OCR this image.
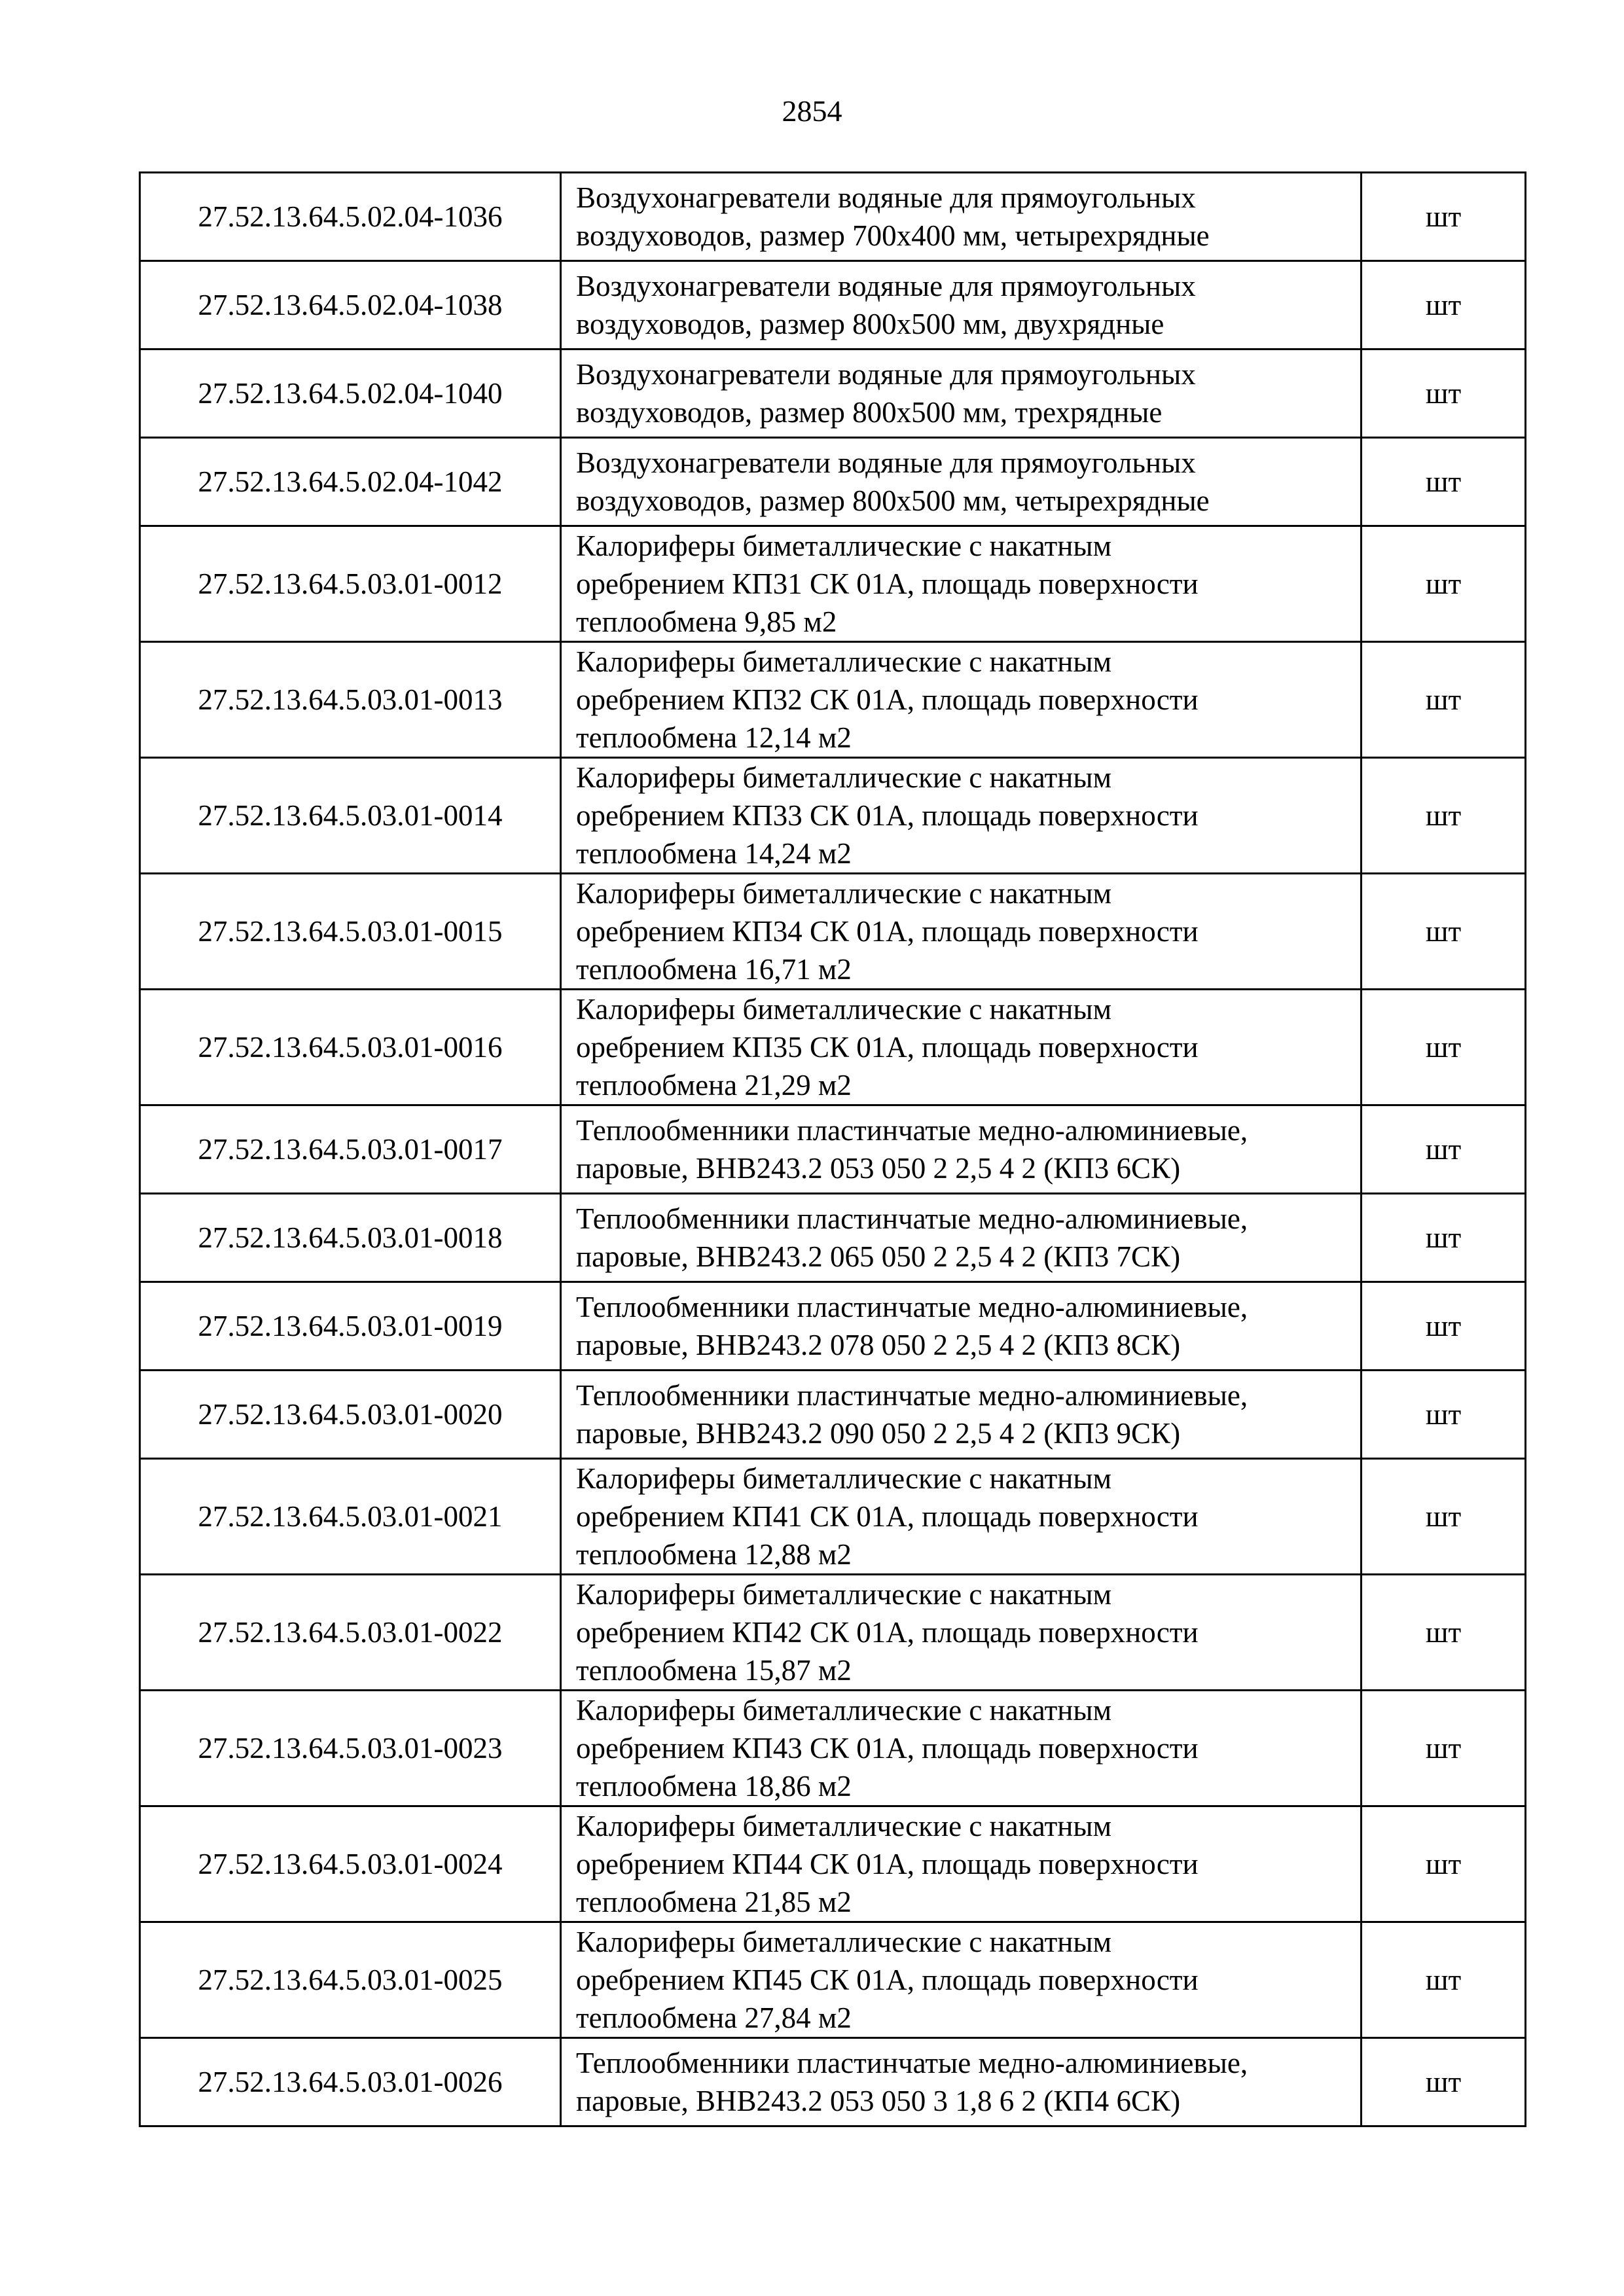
2854
27.52.13.64.5.02.04-1036	Воздухонагреватели водяные для прямоугольных
воздуховодов, размер 700х400 мм, четырехрядные	шт
27.52.13.64.5.02.04-1038	Воздухонагреватели водяные для прямоугольных
воздуховодов, размер 800х500 мм, двухрядные	шт
27.52.13.64.5.02.04-1040	Воздухонагреватели водяные для прямоугольных
воздуховодов, размер 800х500 мм, трехрядные	шт
27.52.13.64.5.02.04-1042	Воздухонагреватели водяные для прямоугольных
воздуховодов, размер 800х500 мм, четырехрядные	шт
27.52.13.64.5.03.01-0012	Калориферы биметаллические с накатным
оребрением КП31 СК 01А, площадь поверхности
теплообмена 9,85 м2	шт
27.52.13.64.5.03.01-0013	Калориферы биметаллические с накатным
оребрением КП32 СК 01А, площадь поверхности
теплообмена 12,14 м2	шт
27.52.13.64.5.03.01-0014	Калориферы биметаллические с накатным
оребрением КП33 СК 01А, площадь поверхности
теплообмена 14,24 м2	шт
27.52.13.64.5.03.01-0015	Калориферы биметаллические с накатным
оребрением КП34 СК 01А, площадь поверхности
теплообмена 16,71 м2	шт
27.52.13.64.5.03.01-0016	Калориферы биметаллические с накатным
оребрением КП35 СК 01А, площадь поверхности
теплообмена 21,29 м2	шт
27.52.13.64.5.03.01-0017	Теплообменники пластинчатые медно-алюминиевые,
паровые, ВНВ243.2 053 050 2 2,5 4 2 (КП3 6СК)	шт
27.52.13.64.5.03.01-0018	Теплообменники пластинчатые медно-алюминиевые,
паровые, ВНВ243.2 065 050 2 2,5 4 2 (КП3 7СК)	шт
27.52.13.64.5.03.01-0019	Теплообменники пластинчатые медно-алюминиевые,
паровые, ВНВ243.2 078 050 2 2,5 4 2 (КП3 8СК)	шт
27.52.13.64.5.03.01-0020	Теплообменники пластинчатые медно-алюминиевые,
паровые, ВНВ243.2 090 050 2 2,5 4 2 (КП3 9СК)	шт
27.52.13.64.5.03.01-0021	Калориферы биметаллические с накатным
оребрением КП41 СК 01А, площадь поверхности
теплообмена 12,88 м2	шт
27.52.13.64.5.03.01-0022	Калориферы биметаллические с накатным
оребрением КП42 СК 01А, площадь поверхности
теплообмена 15,87 м2	шт
27.52.13.64.5.03.01-0023	Калориферы биметаллические с накатным
оребрением КП43 СК 01А, площадь поверхности
теплообмена 18,86 м2	шт
27.52.13.64.5.03.01-0024	Калориферы биметаллические с накатным
оребрением КП44 СК 01А, площадь поверхности
теплообмена 21,85 м2	шт
27.52.13.64.5.03.01-0025	Калориферы биметаллические с накатным
оребрением КП45 СК 01А, площадь поверхности
теплообмена 27,84 м2	шт
27.52.13.64.5.03.01-0026	Теплообменники пластинчатые медно-алюминиевые,
паровые, ВНВ243.2 053 050 3 1,8 6 2 (КП4 6СК)	шт
